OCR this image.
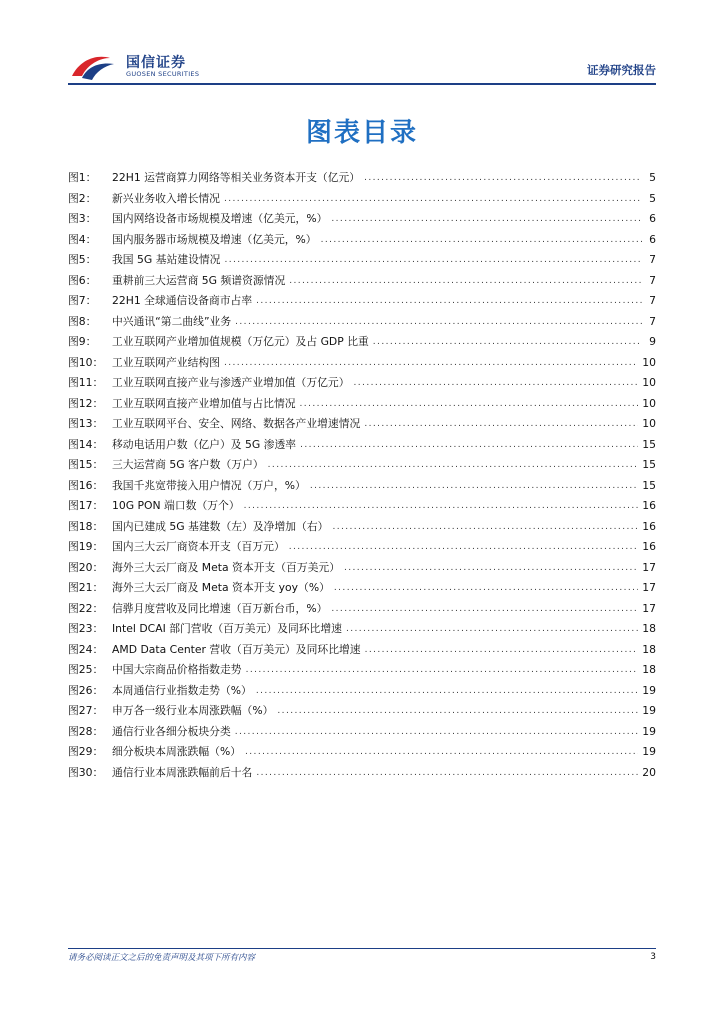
国信证券
GUOSEN SECURITIES	证券研究报告
图表目录
图1：	22H1 运营商算力网络等相关业务资本开支（亿元） .....	5
图2：	新兴业务收入增长情况 .....	5
图3：	国内网络设备市场规模及增速（亿美元，%） .....	6
图4：	国内服务器市场规模及增速（亿美元，%） .....	6
图5：	我国 5G 基站建设情况 .....	7
图6：	重耕前三大运营商 5G 频谱资源情况 .....	7
图7：	22H1 全球通信设备商市占率 .....	7
图8：	中兴通讯“第二曲线”业务 .....	7
图9：	工业互联网产业增加值规模（万亿元）及占 GDP 比重 .....	9
图10： 工业互联网产业结构图 .....	10
图11： 工业互联网直接产业与渗透产业增加值（万亿元） .....	10
图12： 工业互联网直接产业增加值与占比情况 .....	10
图13： 工业互联网平台、安全、网络、数据各产业增速情况 .....	10
图14： 移动电话用户数（亿户）及 5G 渗透率 .....	15
图15： 三大运营商 5G 客户数（万户） .....	15
图16： 我国千兆宽带接入用户情况（万户，%） .....	15
图17： 10G PON 端口数（万个） .....	16
图18： 国内已建成 5G 基建数（左）及净增加（右） .....	16
图19： 国内三大云厂商资本开支（百万元） .....	16
图20： 海外三大云厂商及 Meta 资本开支（百万美元） .....	17
图21： 海外三大云厂商及 Meta 资本开支 yoy（%） .....	17
图22： 信骅月度营收及同比增速（百万新台币，%） .....	17
图23： Intel DCAI 部门营收（百万美元）及同环比增速 .....	18
图24： AMD Data Center 营收（百万美元）及同环比增速 .....	18
图25： 中国大宗商品价格指数走势 .....	18
图26： 本周通信行业指数走势（%） .....	19
图27： 申万各一级行业本周涨跌幅（%） .....	19
图28： 通信行业各细分板块分类 .....	19
图29： 细分板块本周涨跌幅（%） .....	19
图30： 通信行业本周涨跌幅前后十名 .....	20
请务必阅读正文之后的免责声明及其项下所有内容	3
